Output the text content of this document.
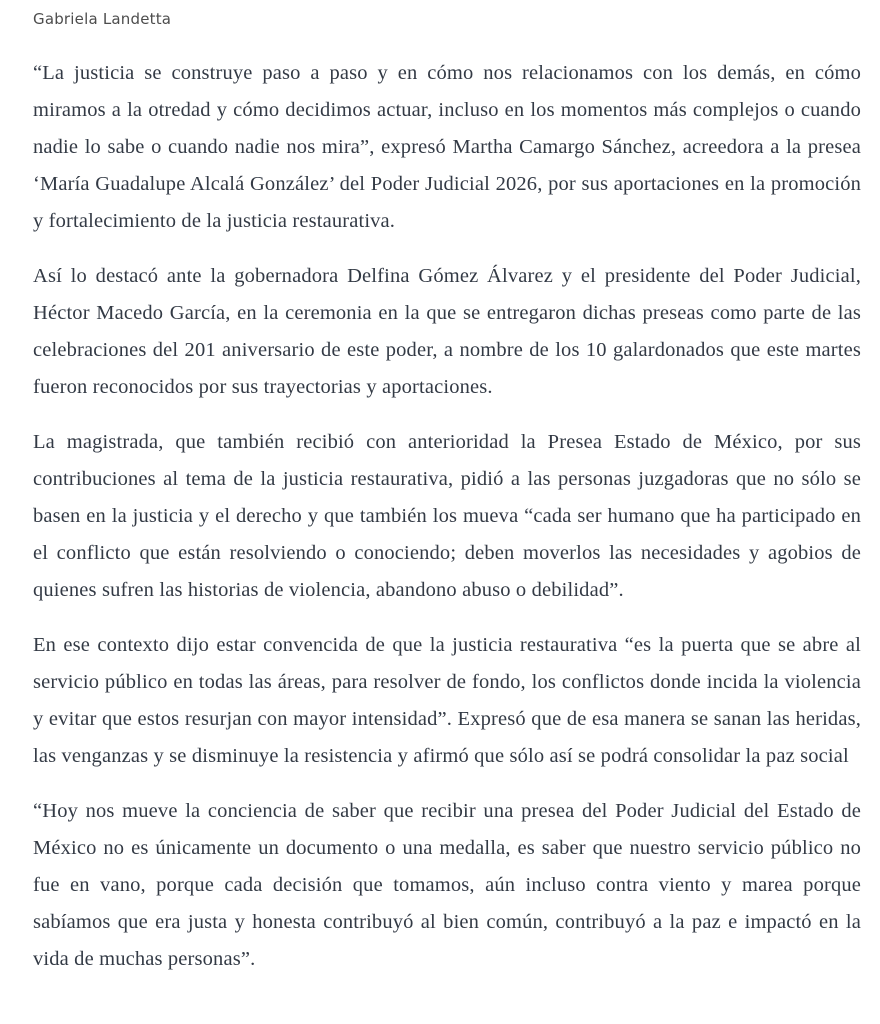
Gabriela Landetta

“La justicia se construye paso a paso y en cómo nos relacionamos con los demás, en cómo miramos a la otredad y cómo decidimos actuar, incluso en los momentos más complejos o cuando nadie lo sabe o cuando nadie nos mira”, expresó Martha Camargo Sánchez, acreedora a la presea ‘María Guadalupe Alcalá González’ del Poder Judicial 2026, por sus aportaciones en la promoción y fortalecimiento de la justicia restaurativa.

Así lo destacó ante la gobernadora Delfina Gómez Álvarez y el presidente del Poder Judicial, Héctor Macedo García, en la ceremonia en la que se entregaron dichas preseas como parte de las celebraciones del 201 aniversario de este poder, a nombre de los 10 galardonados que este martes fueron reconocidos por sus trayectorias y aportaciones.

La magistrada, que también recibió con anterioridad la Presea Estado de México, por sus contribuciones al tema de la justicia restaurativa, pidió a las personas juzgadoras que no sólo se basen en la justicia y el derecho y que también los mueva “cada ser humano que ha participado en el conflicto que están resolviendo o conociendo; deben moverlos las necesidades y agobios de quienes sufren las historias de violencia, abandono abuso o debilidad”.

En ese contexto dijo estar convencida de que la justicia restaurativa “es la puerta que se abre al servicio público en todas las áreas, para resolver de fondo, los conflictos donde incida la violencia y evitar que estos resurjan con mayor intensidad”. Expresó que de esa manera se sanan las heridas, las venganzas y se disminuye la resistencia y afirmó que sólo así se podrá consolidar la paz social

“Hoy nos mueve la conciencia de saber que recibir una presea del Poder Judicial del Estado de México no es únicamente un documento o una medalla, es saber que nuestro servicio público no fue en vano, porque cada decisión que tomamos, aún incluso contra viento y marea porque sabíamos que era justa y honesta contribuyó al bien común, contribuyó a la paz e impactó en la vida de muchas personas”.
